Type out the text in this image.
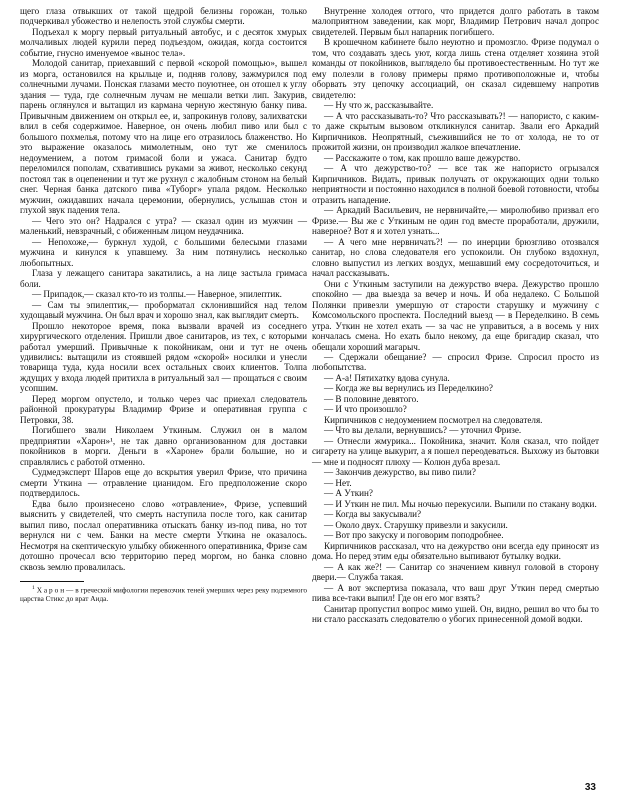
щего глаза отвыкших от такой щедрой белизны горожан, только подчеркивал убожество и нелепость этой службы смерти.

Подъехал к моргу первый ритуальный автобус, и с десяток хмурых молчаливых людей курили перед подъездом, ожидая, когда состоится событие, гнусно именуемое «вынос тела».

Молодой санитар, приехавший с первой «скорой помощью», вышел из морга, остановился на крыльце и, подняв голову, зажмурился под солнечными лучами. Понская глазами место поуютнее, он отошел к углу здания — туда, где солнечным лучам не мешали ветки лип. Закурив, парень оглянулся и вытащил из кармана черную жестяную банку пива. Привычным движением он открыл ее, и, запрокинув голову, залихватски влил в себя содержимое. Наверное, он очень любил пиво или был с большого похмелья, потому что на лице его отразилось блаженство. Но это выражение оказалось мимолетным, оно тут же сменилось недоумением, а потом гримасой боли и ужаса. Санитар будто переломился пополам, схватившись руками за живот, несколько секунд постоял так в оцепенении и тут же рухнул с жалобным стоном на белый снег. Черная банка датского пива «Туборг» упала рядом. Несколько мужчин, ожидавших начала церемонии, обернулись, услышав стон и глухой звук падения тела.

— Чего это он? Надрался с утра? — сказал один из мужчин — маленький, невзрачный, с обиженным лицом неудачника.

— Непохоже,— буркнул худой, с большими белесыми глазами мужчина и кинулся к упавшему. За ним потянулись несколько любопытных.

Глаза у лежащего санитара закатились, а на лице застыла гримаса боли.

— Припадок,— сказал кто-то из толпы.— Наверное, эпилептик.

— Сам ты эпилептик,— проборматал склонившийся над телом худощавый мужчина. Он был врач и хорошо знал, как выглядит смерть.

Прошло некоторое время, пока вызвали врачей из соседнего хирургического отделения. Пришли двое санитаров, из тех, с которыми работал умерший. Привычные к покойникам, они и тут не очень удивились: вытащили из стоявшей рядом «скорой» носилки и унесли товарища туда, куда носили всех остальных своих клиентов. Толпа ждущих у входа людей притихла в ритуальный зал — прощаться с своим усопшим.

Перед моргом опустело, и только через час приехал следователь районной прокуратуры Владимир Фризе и оперативная группа с Петровки, 38.

Погибшего звали Николаем Уткиным. Служил он в малом предприятии «Харон»¹, не так давно организованном для доставки покойников в морги. Деньги в «Хароне» брали большие, но и справлялись с работой отменно.

Судмедэксперт Шаров еще до вскрытия уверил Фризе, что причина смерти Уткина — отравление цианидом. Его предположение скоро подтвердилось.

Едва было произнесено слово «отравление», Фризе, успевший выяснить у свидетелей, что смерть наступила после того, как санитар выпил пиво, послал оперативника отыскать банку из-под пива, но тот вернулся ни с чем. Банки на месте смерти Уткина не оказалось. Несмотря на скептическую улыбку обиженного оперативника, Фризе сам дотошно прочесал всю территорию перед моргом, но банка словно сквозь землю провалилась.

$^1$ Х а р о н — в греческой мифологии перевозчик теней умерших через реку подземного царства Стикс до врат Аида.

Внутренне холодея оттого, что придется долго работать в таком малоприятном заведении, как морг, Владимир Петрович начал допрос свидетелей. Первым был напарник погибшего.

В крошечном кабинете было неуютно и промозгло. Фризе подумал о том, что создавать здесь уют, когда лишь стена отделяет хозяина этой команды от покойников, выглядело бы противоестественным. Но тут же ему полезли в голову примеры прямо противоположные и, чтобы оборвать эту цепочку ассоциаций, он сказал сидевшему напротив свидетелю:

— Ну что ж, рассказывайте.

— А что рассказывать-то? Что рассказывать?! — напористо, с каким-то даже скрытым вызовом откликнулся санитар. Звали его Аркадий Кирпичников. Неопрятный, съежившийся не то от холода, не то от прожитой жизни, он производил жалкое впечатление.

— Расскажите о том, как прошло ваше дежурство.

— А что дежурство-то? — все так же напористо огрызался Кирпичников. Видать, привык получать от окружающих одни только неприятности и постоянно находился в полной боевой готовности, чтобы отразить нападение.

— Аркадий Васильевич, не нервничайте,— миролюбиво призвал его Фризе.— Вы же с Уткиным не один год вместе проработали, дружили, наверное? Вот я и хотел узнать...

— А чего мне нервничать?! — по инерции брюзгливо отозвался санитар, но слова следователя его успокоили. Он глубоко вздохнул, словно выпустил из легких воздух, мешавший ему сосредоточиться, и начал рассказывать.

Они с Уткиным заступили на дежурство вчера. Дежурство прошло спокойно — два выезда за вечер и ночь. И оба недалеко. С Большой Полянки привезли умершую от старости старушку и мужчину с Комсомольского проспекта. Последний выезд — в Переделкино. В семь утра. Уткин не хотел ехать — за час не управиться, а в восемь у них кончалась смена. Но ехать было некому, да еще бригадир сказал, что обещали хороший магарыч.

— Сдержали обещание? — спросил Фризе. Спросил просто из любопытства.

— А-а! Пятихатку вдова сунула.

— Когда же вы вернулись из Переделкино?

— В половине девятого.

— И что произошло?

Кирпичников с недоумением посмотрел на следователя.

— Что вы делали, вернувшись? — уточнил Фризе.

— Отнесли жмурика... Покойника, значит. Коля сказал, что пойдет сигарету на улице выкурит, а я пошел переодеваться. Выхожу из бытовки — мне и подносят плюху — Колюн дуба врезал.

— Закончив дежурство, вы пиво пили?

— Нет.

— А Уткин?

— И Уткин не пил. Мы ночью перекусили. Выпили по стакану водки.

— Когда вы закусывали?

— Около двух. Старушку привезли и закусили.

— Вот про закуску и поговорим поподробнее.

Кирпичников рассказал, что на дежурство они всегда еду приносят из дома. Но перед этим еды обязательно выпивают бутылку водки.

— А как же?! — Санитар со значением кивнул головой в сторону двери.— Служба такая.

— А вот экспертиза показала, что ваш друг Уткин перед смертью пива все-таки выпил! Где он его мог взять?

Санитар пропустил вопрос мимо ушей. Он, видно, решил во что бы то ни стало рассказать следователю о убогих принесенной домой водки.

33
